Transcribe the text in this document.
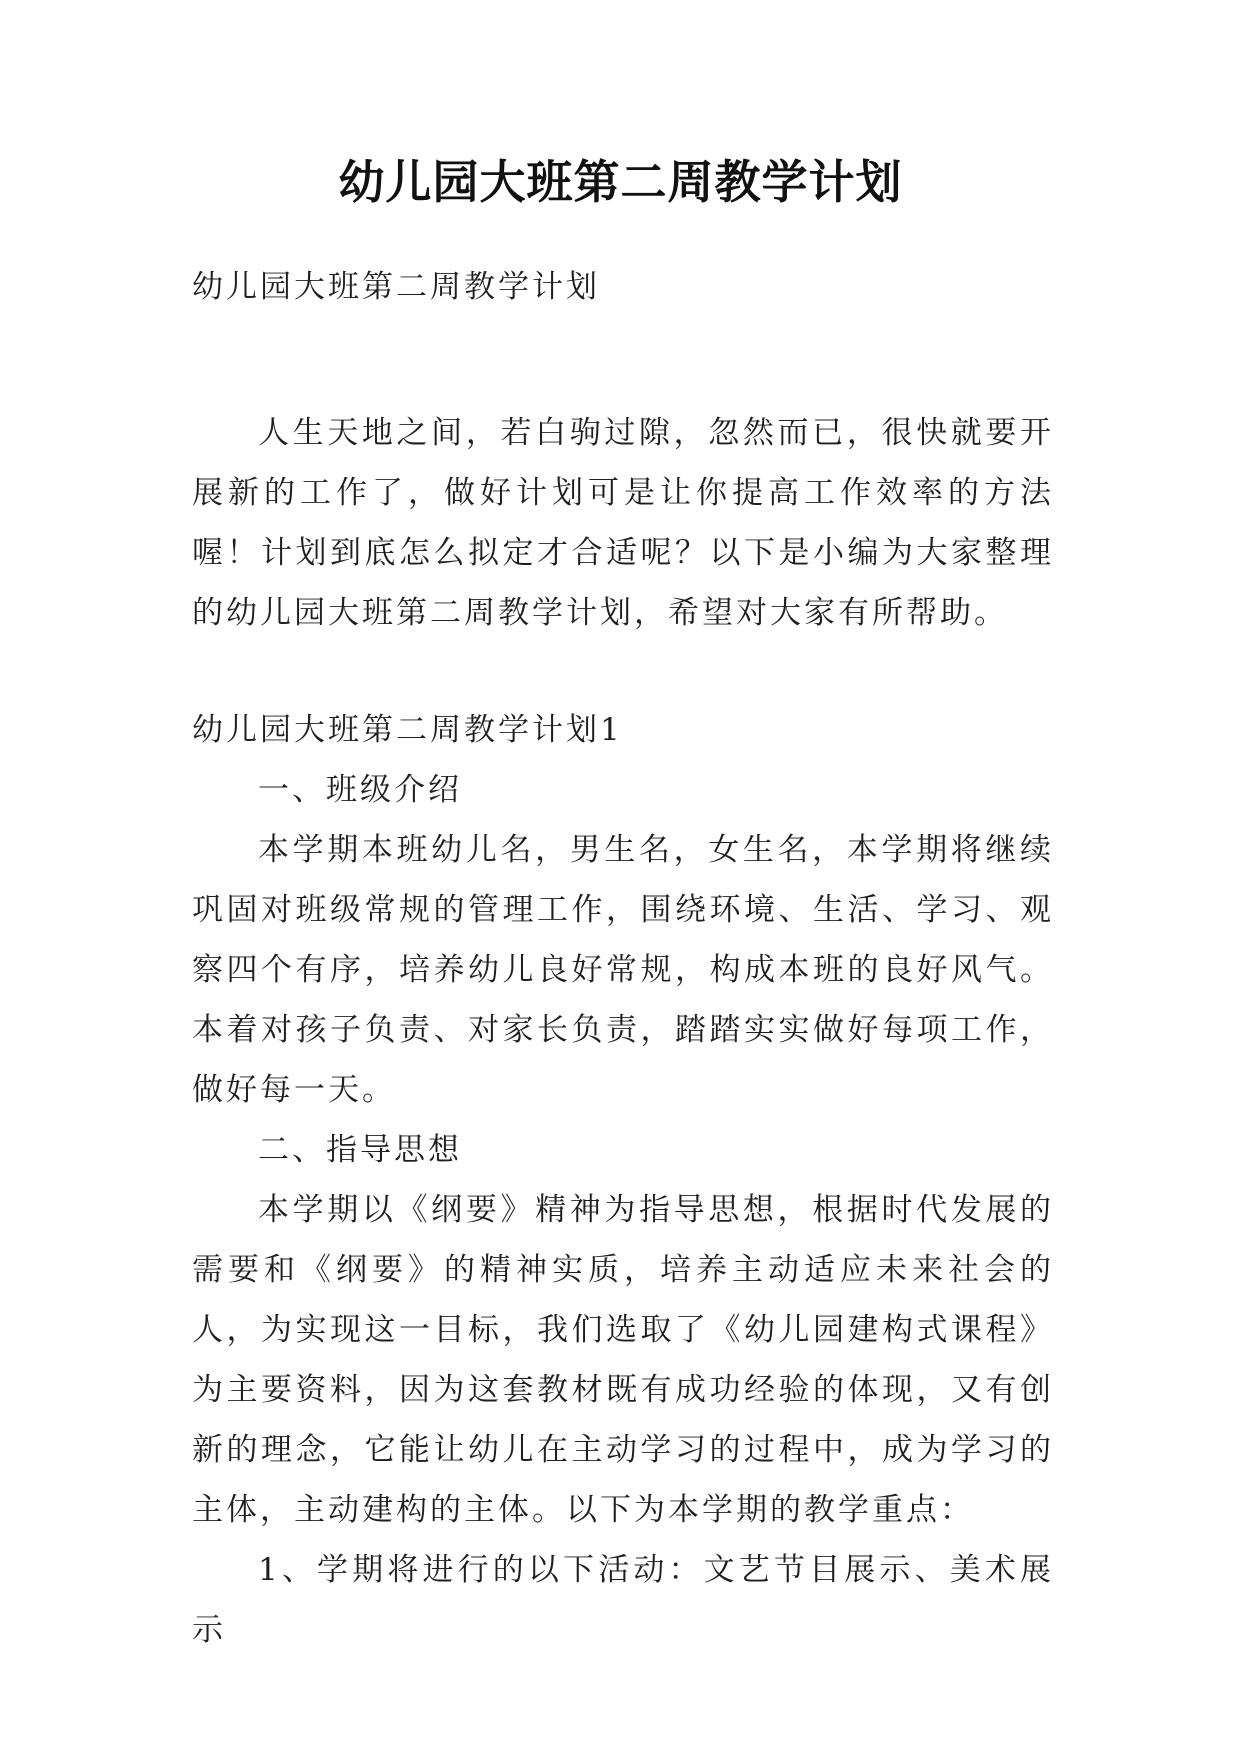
幼儿园大班第二周教学计划

幼儿园大班第二周教学计划

人生天地之间，若白驹过隙，忽然而已，很快就要开展新的工作了，做好计划可是让你提高工作效率的方法喔！计划到底怎么拟定才合适呢？以下是小编为大家整理的幼儿园大班第二周教学计划，希望对大家有所帮助。

幼儿园大班第二周教学计划1

一、班级介绍

本学期本班幼儿名，男生名，女生名，本学期将继续巩固对班级常规的管理工作，围绕环境、生活、学习、观察四个有序，培养幼儿良好常规，构成本班的良好风气。本着对孩子负责、对家长负责，踏踏实实做好每项工作，做好每一天。

二、指导思想

本学期以《纲要》精神为指导思想，根据时代发展的需要和《纲要》的精神实质，培养主动适应未来社会的人，为实现这一目标，我们选取了《幼儿园建构式课程》为主要资料，因为这套教材既有成功经验的体现，又有创新的理念，它能让幼儿在主动学习的过程中，成为学习的主体，主动建构的主体。以下为本学期的教学重点：

1、学期将进行的以下活动：文艺节目展示、美术展示
